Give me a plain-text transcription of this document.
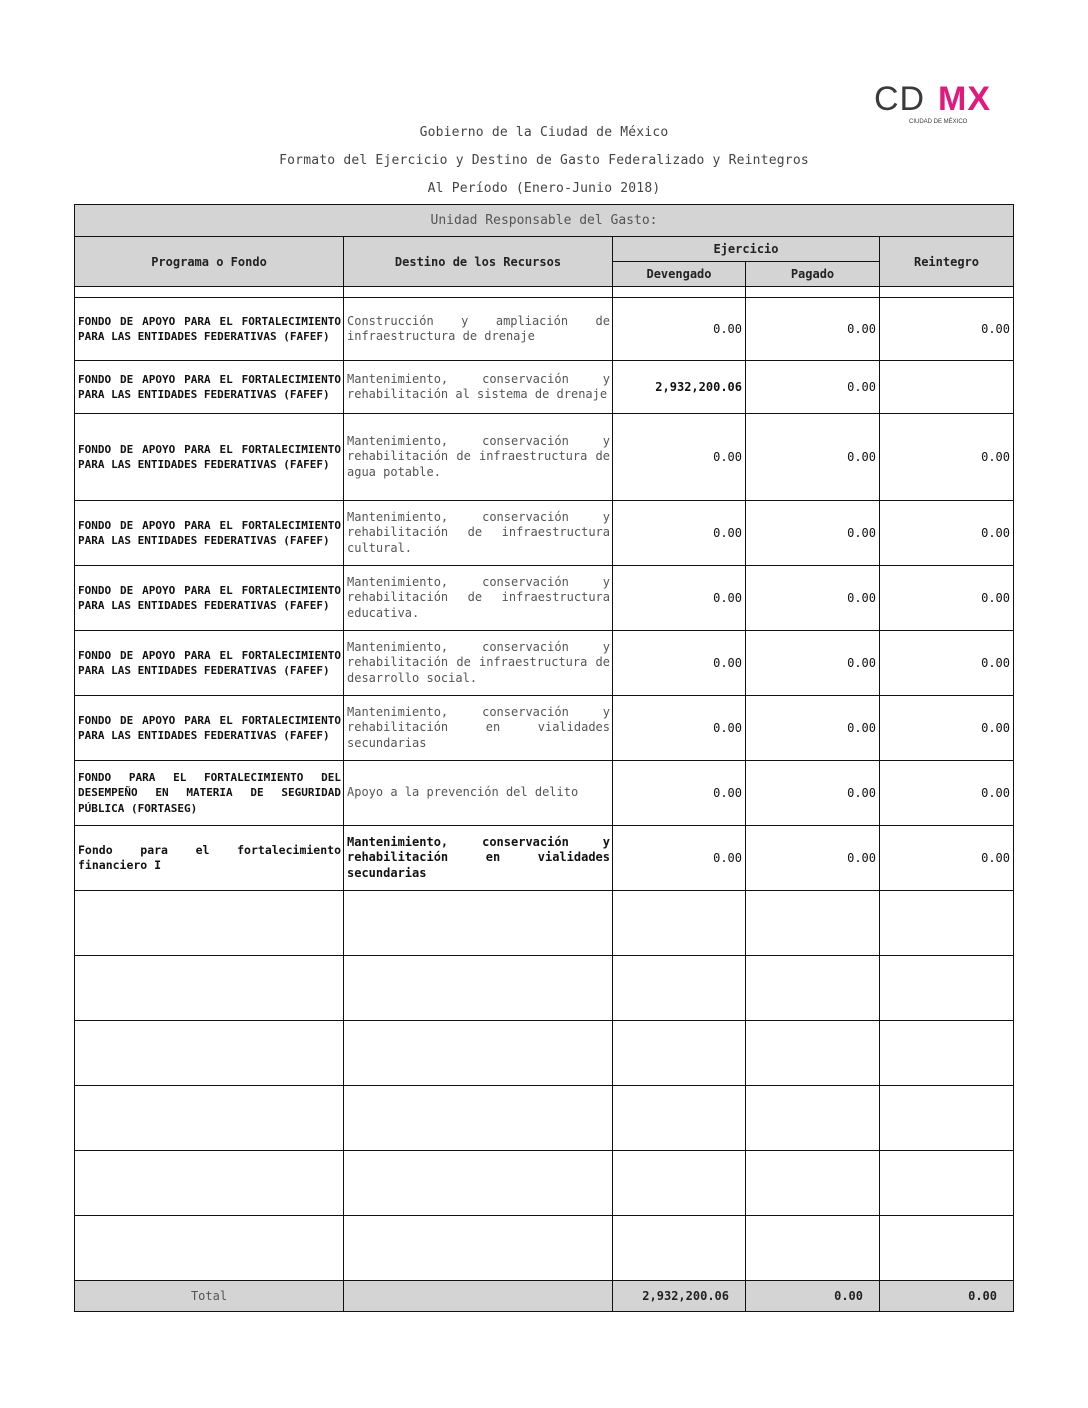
CD MX
CIUDAD DE MÉXICO
Gobierno de la Ciudad de México
Formato del Ejercicio y Destino de Gasto Federalizado y Reintegros
Al Período (Enero-Junio 2018)
Unidad Responsable del Gasto:				
Programa o Fondo	Destino de los Recursos	Ejercicio		Reintegro
		Devengado	Pagado	

FONDO DE APOYO PARA EL FORTALECIMIENTO PARA LAS ENTIDADES FEDERATIVAS (FAFEF)	Construcción y ampliación de infraestructura de drenaje	0.00	0.00	0.00
FONDO DE APOYO PARA EL FORTALECIMIENTO PARA LAS ENTIDADES FEDERATIVAS (FAFEF)	Mantenimiento, conservación y rehabilitación al sistema de drenaje	2,932,200.06	0.00	
FONDO DE APOYO PARA EL FORTALECIMIENTO PARA LAS ENTIDADES FEDERATIVAS (FAFEF)	Mantenimiento, conservación y rehabilitación de infraestructura de agua potable.	0.00	0.00	0.00
FONDO DE APOYO PARA EL FORTALECIMIENTO PARA LAS ENTIDADES FEDERATIVAS (FAFEF)	Mantenimiento, conservación y rehabilitación de infraestructura cultural.	0.00	0.00	0.00
FONDO DE APOYO PARA EL FORTALECIMIENTO PARA LAS ENTIDADES FEDERATIVAS (FAFEF)	Mantenimiento, conservación y rehabilitación de infraestructura educativa.	0.00	0.00	0.00
FONDO DE APOYO PARA EL FORTALECIMIENTO PARA LAS ENTIDADES FEDERATIVAS (FAFEF)	Mantenimiento, conservación y rehabilitación de infraestructura de desarrollo social.	0.00	0.00	0.00
FONDO DE APOYO PARA EL FORTALECIMIENTO PARA LAS ENTIDADES FEDERATIVAS (FAFEF)	Mantenimiento, conservación y rehabilitación en vialidades secundarias	0.00	0.00	0.00
FONDO PARA EL FORTALECIMIENTO DEL DESEMPEÑO EN MATERIA DE SEGURIDAD PÚBLICA (FORTASEG)	Apoyo a la prevención del delito	0.00	0.00	0.00
Fondo para el fortalecimiento financiero I	Mantenimiento, conservación y rehabilitación en vialidades secundarias	0.00	0.00	0.00

Total		2,932,200.06	0.00	0.00
